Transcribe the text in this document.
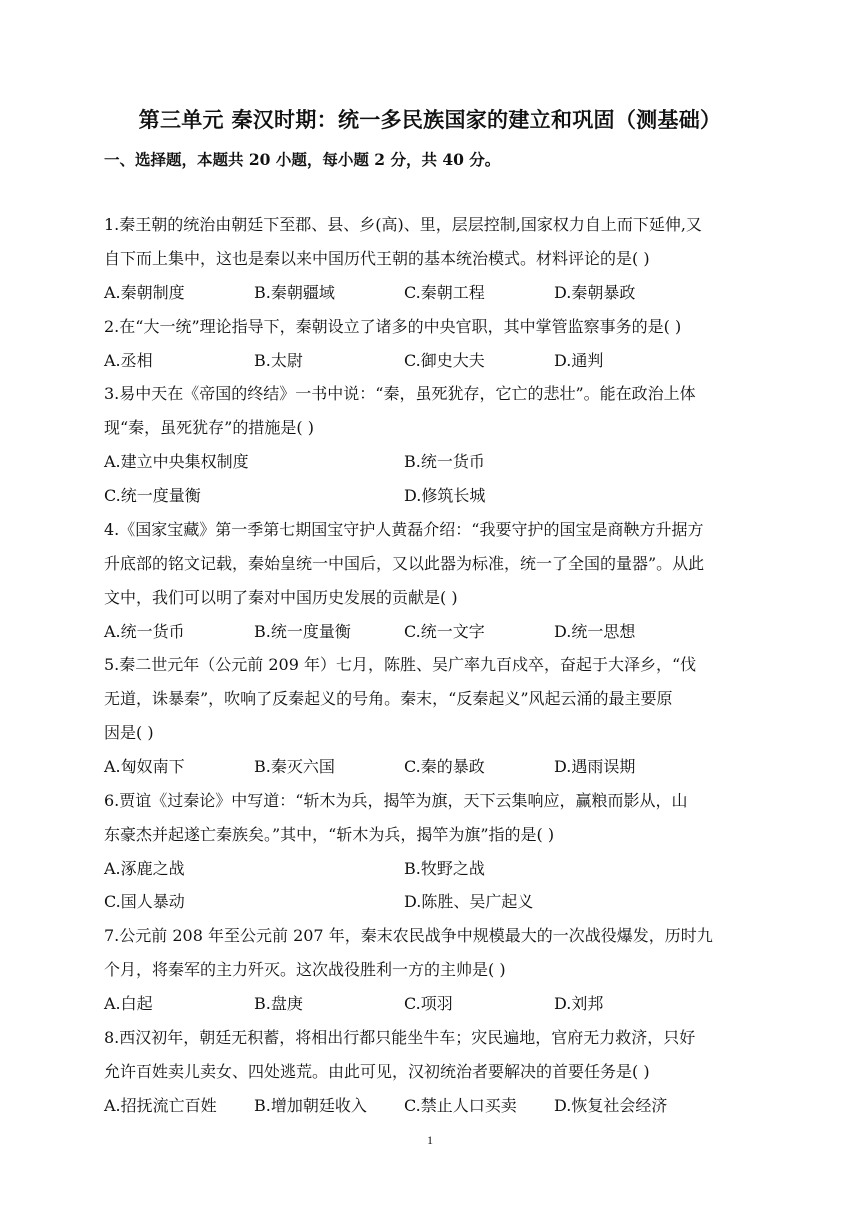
第三单元 秦汉时期：统一多民族国家的建立和巩固（测基础）
一、选择题，本题共 20 小题，每小题 2 分，共 40 分。
1.秦王朝的统治由朝廷下至郡、县、乡(高)、里，层层控制,国家权力自上而下延伸,又
自下而上集中，这也是秦以来中国历代王朝的基本统治模式。材料评论的是( )
A.秦朝制度	B.秦朝疆域	C.秦朝工程	D.秦朝暴政
2.在“大一统”理论指导下，秦朝设立了诸多的中央官职，其中掌管监察事务的是( )
A.丞相	B.太尉	C.御史大夫	D.通判
3.易中天在《帝国的终结》一书中说：“秦，虽死犹存，它亡的悲壮”。能在政治上体
现“秦，虽死犹存”的措施是( )
A.建立中央集权制度	B.统一货币
C.统一度量衡	D.修筑长城
4.《国家宝藏》第一季第七期国宝守护人黄磊介绍：“我要守护的国宝是商鞅方升据方
升底部的铭文记载，秦始皇统一中国后，又以此器为标准，统一了全国的量器”。从此
文中，我们可以明了秦对中国历史发展的贡献是( )
A.统一货币	B.统一度量衡	C.统一文字	D.统一思想
5.秦二世元年（公元前 209 年）七月，陈胜、吴广率九百戍卒，奋起于大泽乡，“伐
无道，诛暴秦”，吹响了反秦起义的号角。秦末，“反秦起义”风起云涌的最主要原
因是( )
A.匈奴南下	B.秦灭六国	C.秦的暴政	D.遇雨误期
6.贾谊《过秦论》中写道：“斩木为兵，揭竿为旗，天下云集响应，赢粮而影从，山
东豪杰并起遂亡秦族矣。”其中，“斩木为兵，揭竿为旗”指的是( )
A.涿鹿之战	B.牧野之战
C.国人暴动	D.陈胜、吴广起义
7.公元前 208 年至公元前 207 年，秦末农民战争中规模最大的一次战役爆发，历时九
个月，将秦军的主力歼灭。这次战役胜利一方的主帅是( )
A.白起	B.盘庚	C.项羽	D.刘邦
8.西汉初年，朝廷无积蓄，将相出行都只能坐牛车；灾民遍地，官府无力救济，只好
允许百姓卖儿卖女、四处逃荒。由此可见，汉初统治者要解决的首要任务是( )
A.招抚流亡百姓 B.增加朝廷收入 C.禁止人口买卖 D.恢复社会经济
1
